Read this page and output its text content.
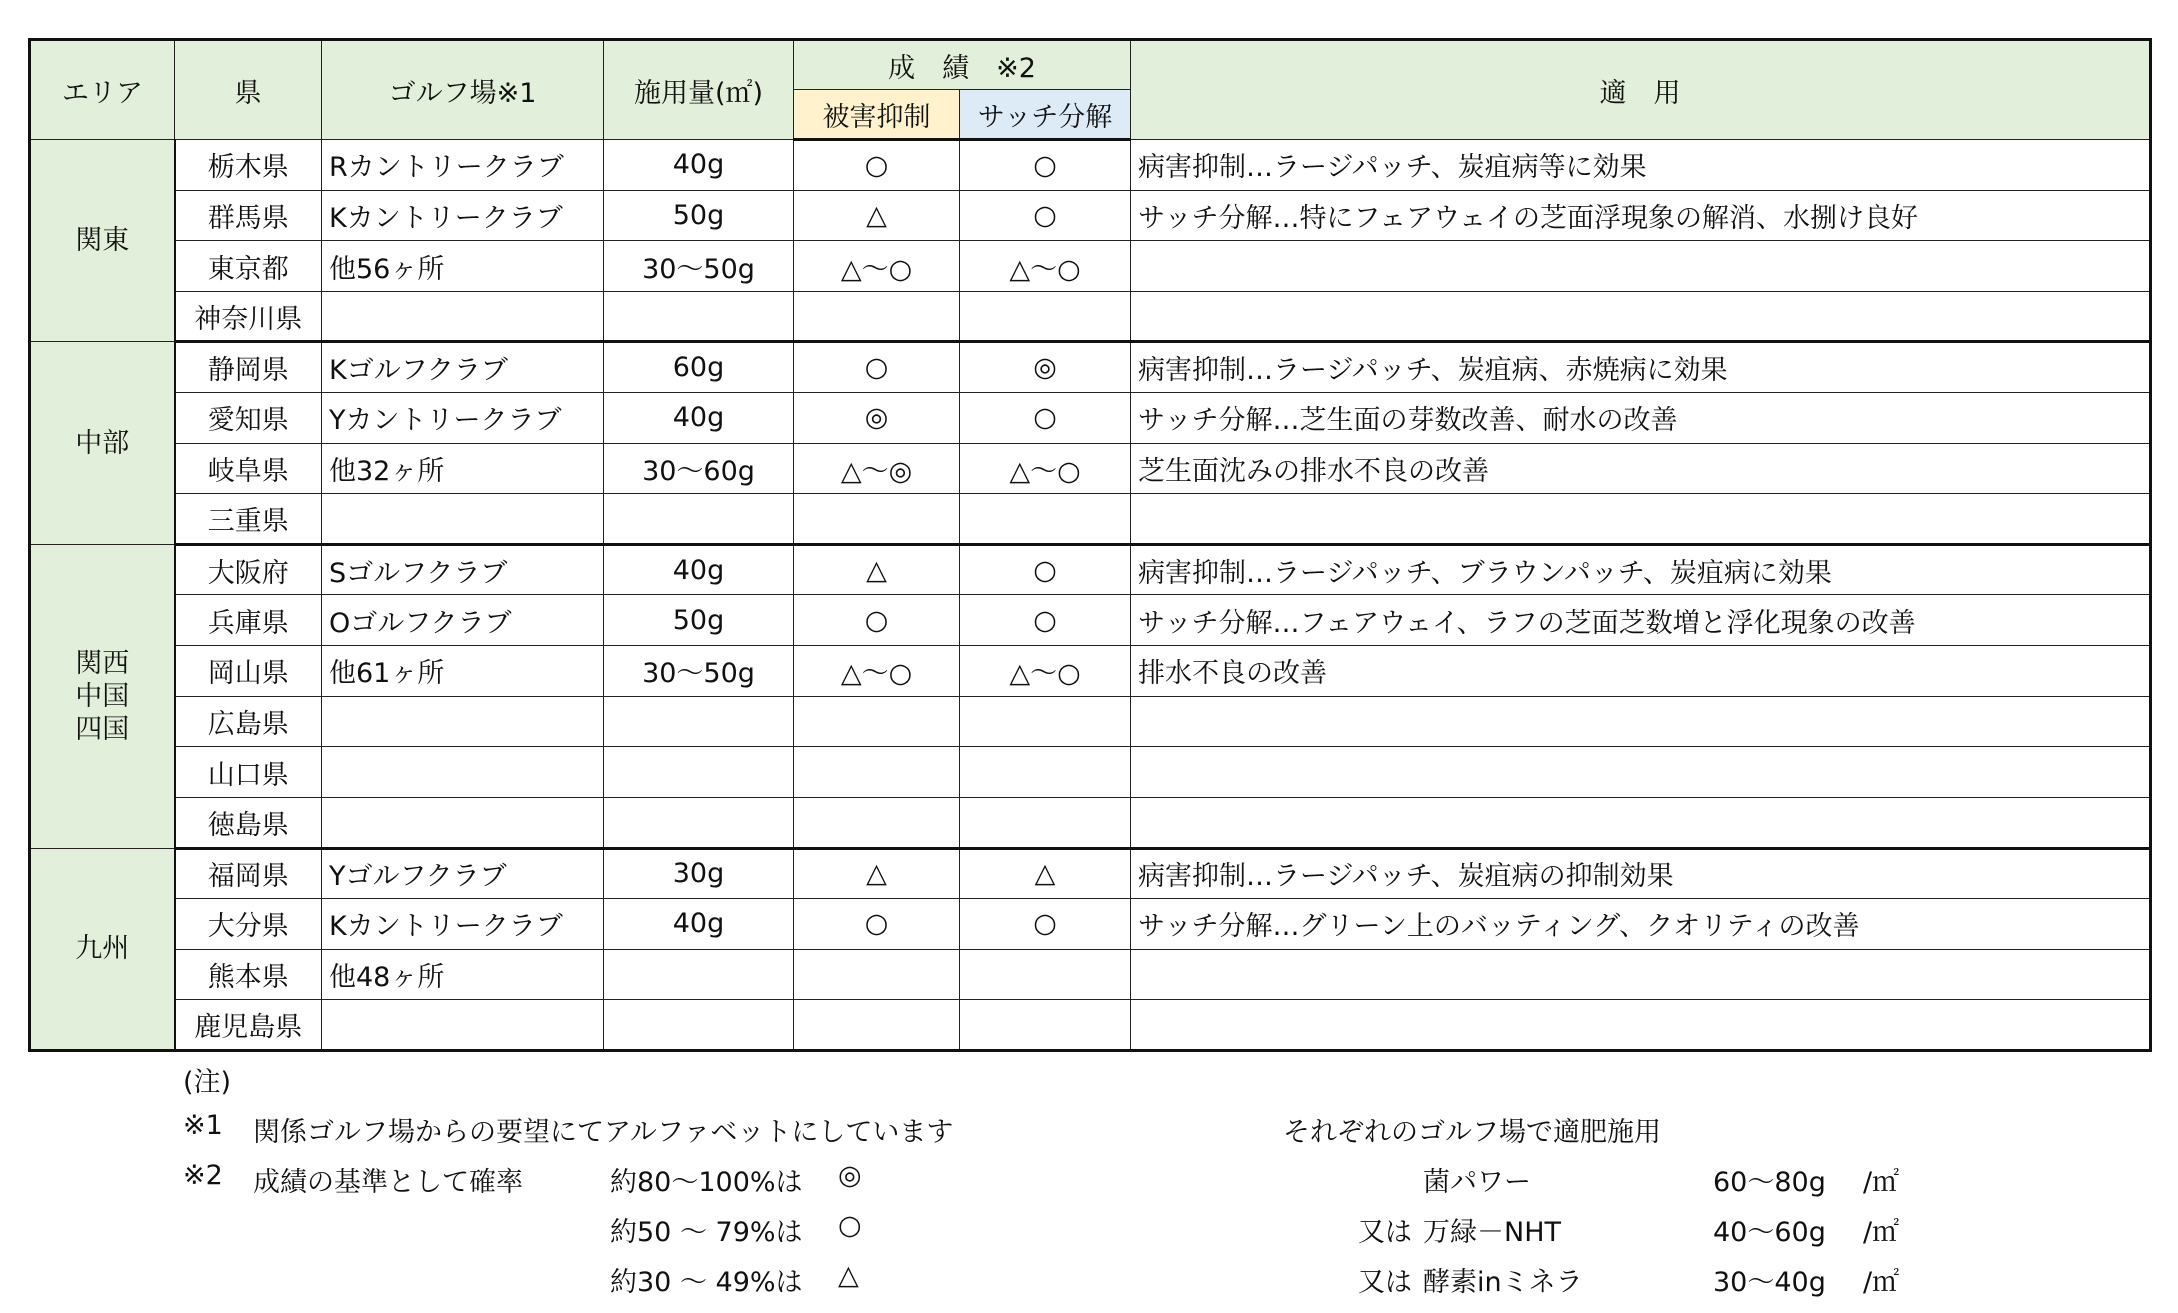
エリア	県	ゴルフ場※1	施用量(㎡)	成　績　※2		適　用
				被害抑制	サッチ分解	

関東	栃木県	Rカントリークラブ	40g	○	○	病害抑制…ラージパッチ、炭疽病等に効果
	群馬県	Kカントリークラブ	50g	△	○	サッチ分解…特にフェアウェイの芝面浮現象の解消、水捌け良好
	東京都	他56ヶ所	30～50g	△～○	△～○	
	神奈川県					

中部	静岡県	Kゴルフクラブ	60g	○	◎	病害抑制…ラージパッチ、炭疽病、赤焼病に効果
	愛知県	Yカントリークラブ	40g	◎	○	サッチ分解…芝生面の芽数改善、耐水の改善
	岐阜県	他32ヶ所	30～60g	△～◎	△～○	芝生面沈みの排水不良の改善
	三重県					

関西
中国
四国	大阪府	Sゴルフクラブ	40g	△	○	病害抑制…ラージパッチ、ブラウンパッチ、炭疽病に効果
	兵庫県	Oゴルフクラブ	50g	○	○	サッチ分解…フェアウェイ、ラフの芝面芝数増と浮化現象の改善
	岡山県	他61ヶ所	30～50g	△～○	△～○	排水不良の改善
	広島県					
	山口県					
	徳島県					

九州	福岡県	Yゴルフクラブ	30g	△	△	病害抑制…ラージパッチ、炭疽病の抑制効果
	大分県	Kカントリークラブ	40g	○	○	サッチ分解…グリーン上のバッティング、クオリティの改善
	熊本県	他48ヶ所				
	鹿児島県					
(注)
※1 関係ゴルフ場からの要望にてアルファベットにしています
※2 成績の基準として確率	約80～100%は ◎
約50 ～ 79%は ○
約30 ～ 49%は △
それぞれのゴルフ場で適肥施用
菌パワー	60～80g /㎡
又は 万緑－NHT	40～60g /㎡
又は 酵素inミネラ	30～40g /㎡
